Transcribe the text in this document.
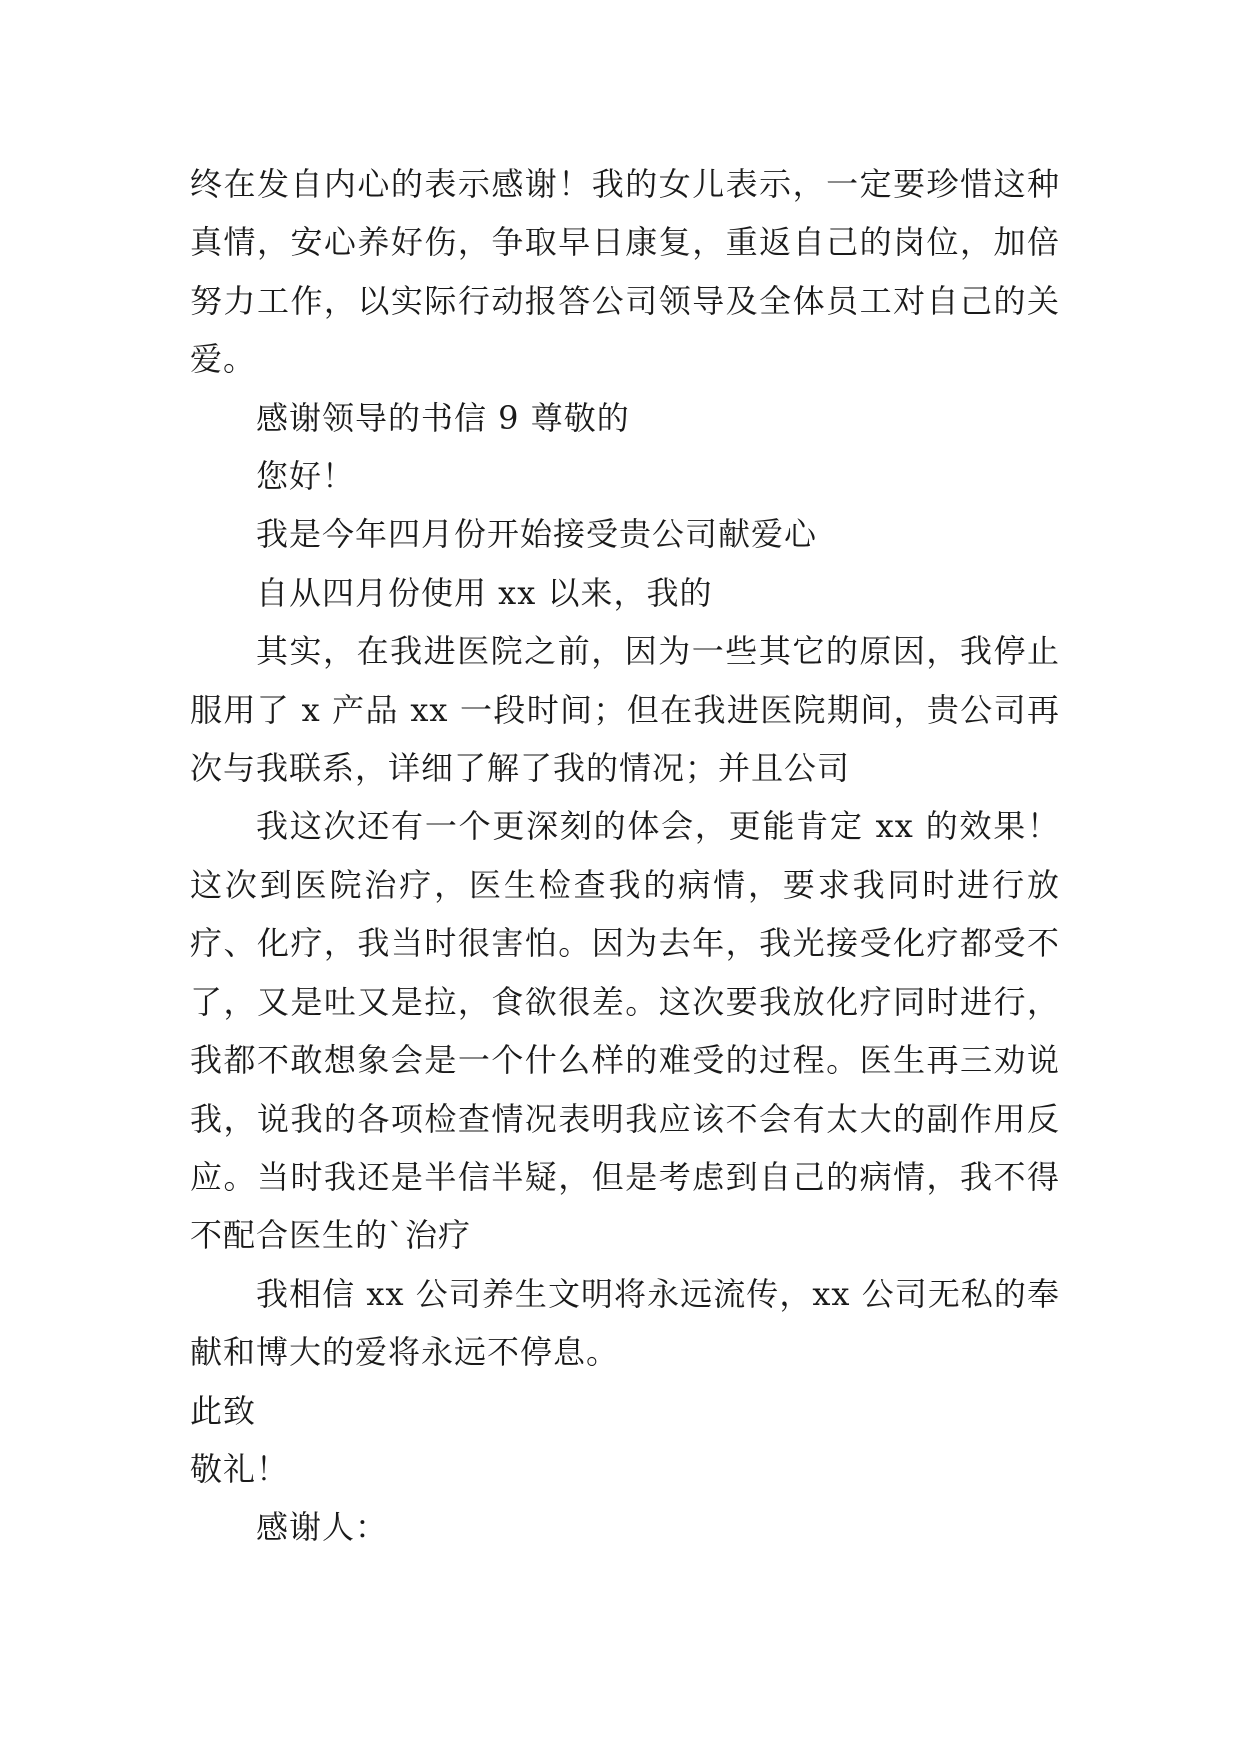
终在发自内心的表示感谢！我的女儿表示，一定要珍惜这种真情，安心养好伤，争取早日康复，重返自己的岗位，加倍努力工作，以实际行动报答公司领导及全体员工对自己的关爱。

感谢领导的书信 9 尊敬的

您好！

我是今年四月份开始接受贵公司献爱心

自从四月份使用 xx 以来，我的

其实，在我进医院之前，因为一些其它的原因，我停止服用了 x 产品 xx 一段时间；但在我进医院期间，贵公司再次与我联系，详细了解了我的情况；并且公司

我这次还有一个更深刻的体会，更能肯定 xx 的效果！这次到医院治疗，医生检查我的病情，要求我同时进行放疗、化疗，我当时很害怕。因为去年，我光接受化疗都受不了，又是吐又是拉，食欲很差。这次要我放化疗同时进行，我都不敢想象会是一个什么样的难受的过程。医生再三劝说我，说我的各项检查情况表明我应该不会有太大的副作用反应。当时我还是半信半疑，但是考虑到自己的病情，我不得不配合医生的`治疗

我相信 xx 公司养生文明将永远流传，xx 公司无私的奉献和博大的爱将永远不停息。

此致

敬礼！

感谢人：
